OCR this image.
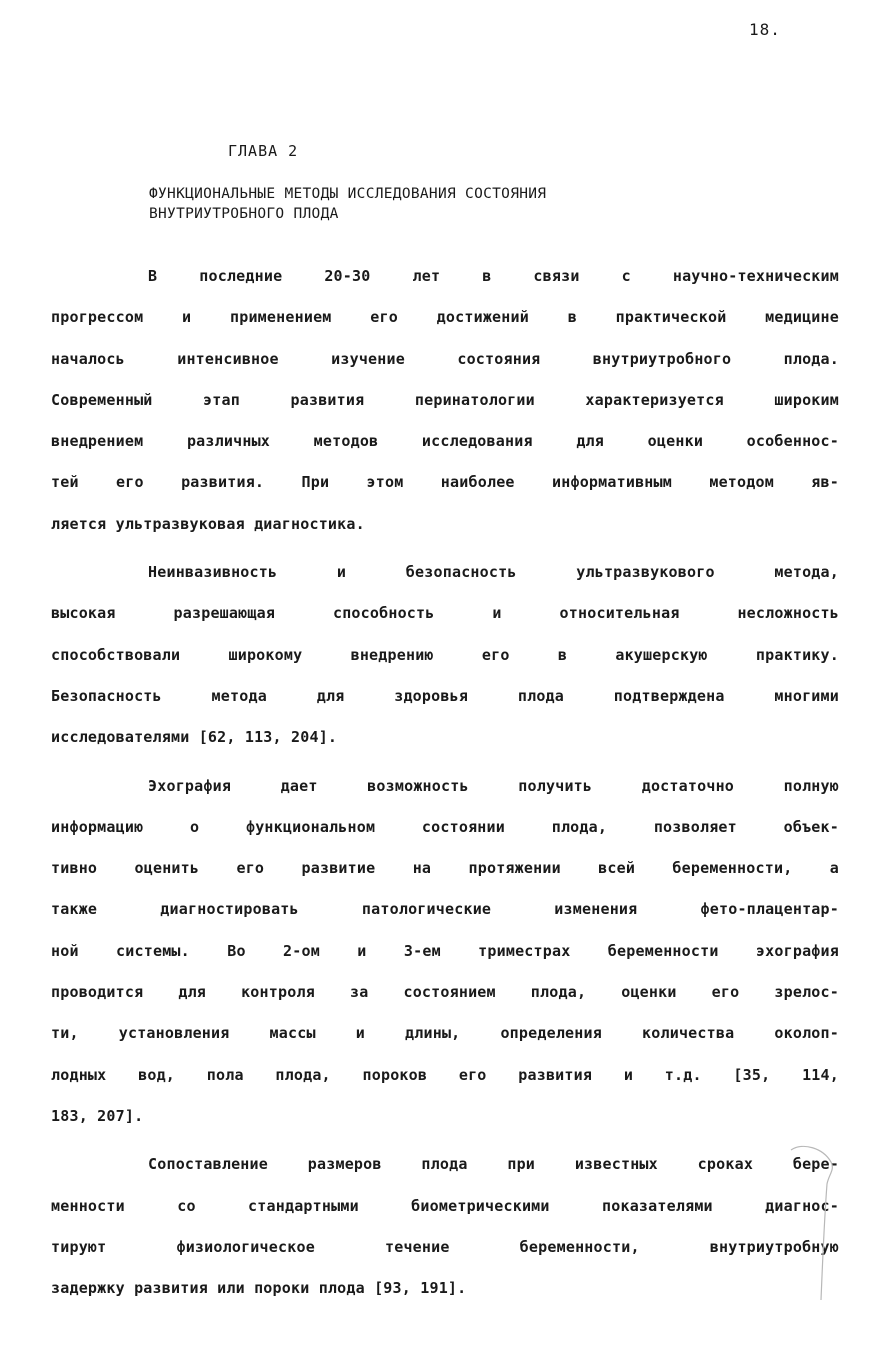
18.
ГЛАВА 2
ФУНКЦИОНАЛЬНЫЕ МЕТОДЫ ИССЛЕДОВАНИЯ СОСТОЯНИЯ
ВНУТРИУТРОБНОГО ПЛОДА
В последние 20-30 лет в связи с научно-техническим
прогрессом и применением его достижений в практической медицине
началось интенсивное изучение состояния внутриутробного плода.
Современный этап развития перинатологии характеризуется широким
внедрением различных методов исследования для оценки особеннос-
тей его развития. При этом наиболее информативным методом яв-
ляется ультразвуковая диагностика.
Неинвазивность и безопасность ультразвукового метода,
высокая разрешающая способность и относительная несложность
способствовали широкому внедрению его в акушерскую практику.
Безопасность метода для здоровья плода подтверждена многими
исследователями [62, 113, 204].
Эхография дает возможность получить достаточно полную
информацию о функциональном состоянии плода, позволяет объек-
тивно оценить его развитие на протяжении всей беременности, а
также диагностировать патологические изменения фето-плацентар-
ной системы. Во 2-ом и 3-ем триместрах беременности эхография
проводится для контроля за состоянием плода, оценки его зрелос-
ти, установления массы и длины, определения количества околоп-
лодных вод, пола плода, пороков его развития и т.д. [35, 114,
183, 207].
Сопоставление размеров плода при известных сроках бере-
менности со стандартными биометрическими показателями диагнос-
тируют физиологическое течение беременности, внутриутробную
задержку развития или пороки плода [93, 191].
